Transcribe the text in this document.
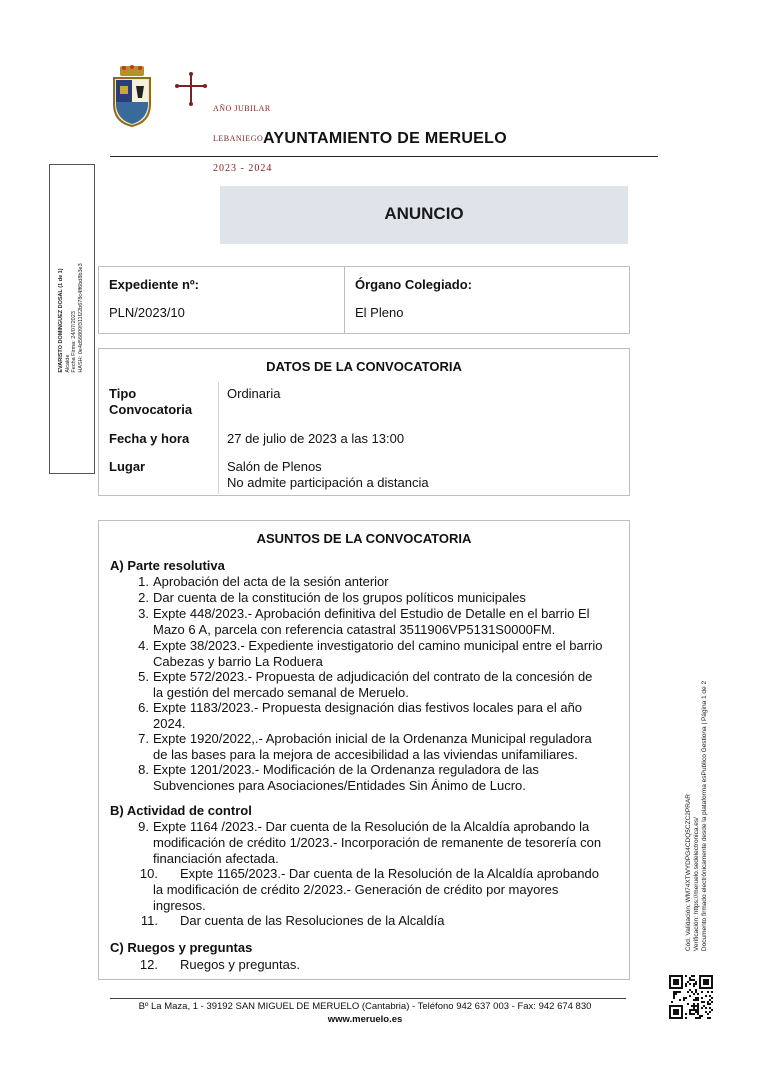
AÑO JUBILAR

LEBANIEGO

2023 - 2024

AYUNTAMIENTO DE MERUELO
EVARISTO DOMINGUEZ DOSAL (1 de 1) Alcalde Fecha Firma: 24/07/2023 HASH: 0e4d56809f311f22b678c4ff6bd8b3e3
ANUNCIO
Expediente nº:
PLN/2023/10
Órgano Colegiado:
El Pleno
DATOS DE LA CONVOCATORIA
Tipo
Convocatoria
Ordinaria
Fecha y hora	27 de julio de 2023 a las 13:00
Lugar	Salón de Plenos
No admite participación a distancia
ASUNTOS DE LA CONVOCATORIA
A) Parte resolutiva
1. Aprobación del acta de la sesión anterior
2. Dar cuenta de la constitución de los grupos políticos municipales
3. Expte 448/2023.- Aprobación definitiva del Estudio de Detalle en el barrio El
Mazo 6 A, parcela con referencia catastral 3511906VP5131S0000FM.
4. Expte 38/2023.- Expediente investigatorio del camino municipal entre el barrio
Cabezas y barrio La Roduera
5. Expte 572/2023.- Propuesta de adjudicación del contrato de la concesión de
la gestión del mercado semanal de Meruelo.
6. Expte 1183/2023.- Propuesta designación dias festivos locales para el año
2024.
7. Expte 1920/2022,.- Aprobación inicial de la Ordenanza Municipal reguladora
de las bases para la mejora de accesibilidad a las viviendas unifamiliares.
8. Expte 1201/2023.- Modificación de la Ordenanza reguladora de las
Subvenciones para Asociaciones/Entidades Sin Ánimo de Lucro.
B) Actividad de control
9. Expte 1164 /2023.- Dar cuenta de la Resolución de la Alcaldía aprobando la
modificación de crédito 1/2023.- Incorporación de remanente de tesorería con
financiación afectada.
10. Expte 1165/2023.- Dar cuenta de la Resolución de la Alcaldía aprobando
la modificación de crédito 2/2023.- Generación de crédito por mayores
ingresos.
11. Dar cuenta de las Resoluciones de la Alcaldía
C) Ruegos y preguntas
12. Ruegos y preguntas.
Bº La Maza, 1 - 39192 SAN MIGUEL DE MERUELO (Cantabria) - Teléfono 942 637 003 - Fax: 942 674 830
www.meruelo.es
Cód. Validación: WM74XTWYDPG4CDQ5CZC2PRAR Verificación: https://meruelo.sedelectronica.es/ Documento firmado electrónicamente desde la plataforma esPublico Gestiona | Página 1 de 2
